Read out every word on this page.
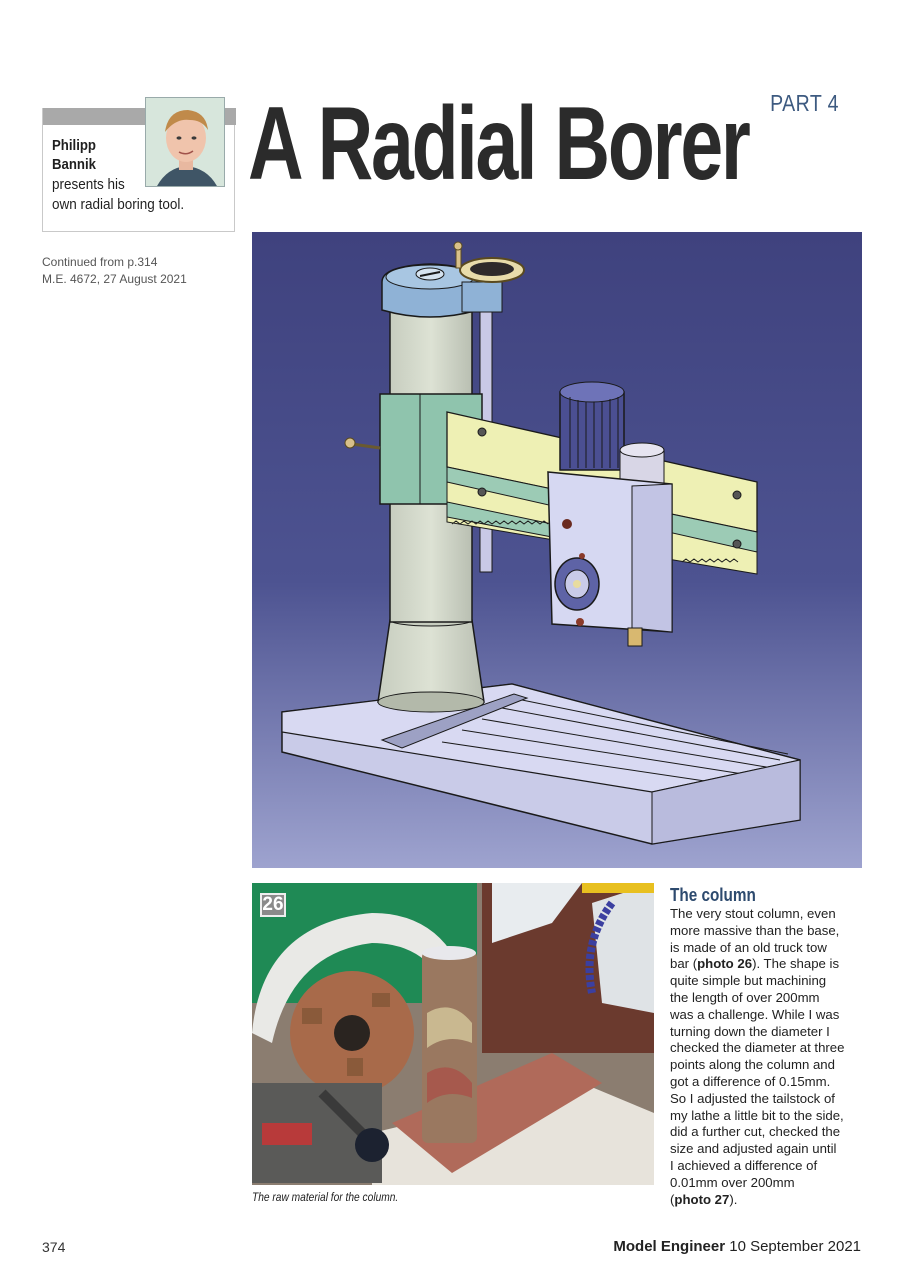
Philipp
Bannik
presents his
own radial boring tool.
PART 4
A Radial Borer
Continued from p.314
M.E. 4672, 27 August 2021
26
The raw material for the column.
The column
The very stout column, even
more massive than the base,
is made of an old truck tow
bar (photo 26). The shape is
quite simple but machining
the length of over 200mm
was a challenge. While I was
turning down the diameter I
checked the diameter at three
points along the column and
got a difference of 0.15mm.
So I adjusted the tailstock of
my lathe a little bit to the side,
did a further cut, checked the
size and adjusted again until
I achieved a difference of
0.01mm over 200mm
(photo 27).
374	Model Engineer 10 September 2021
